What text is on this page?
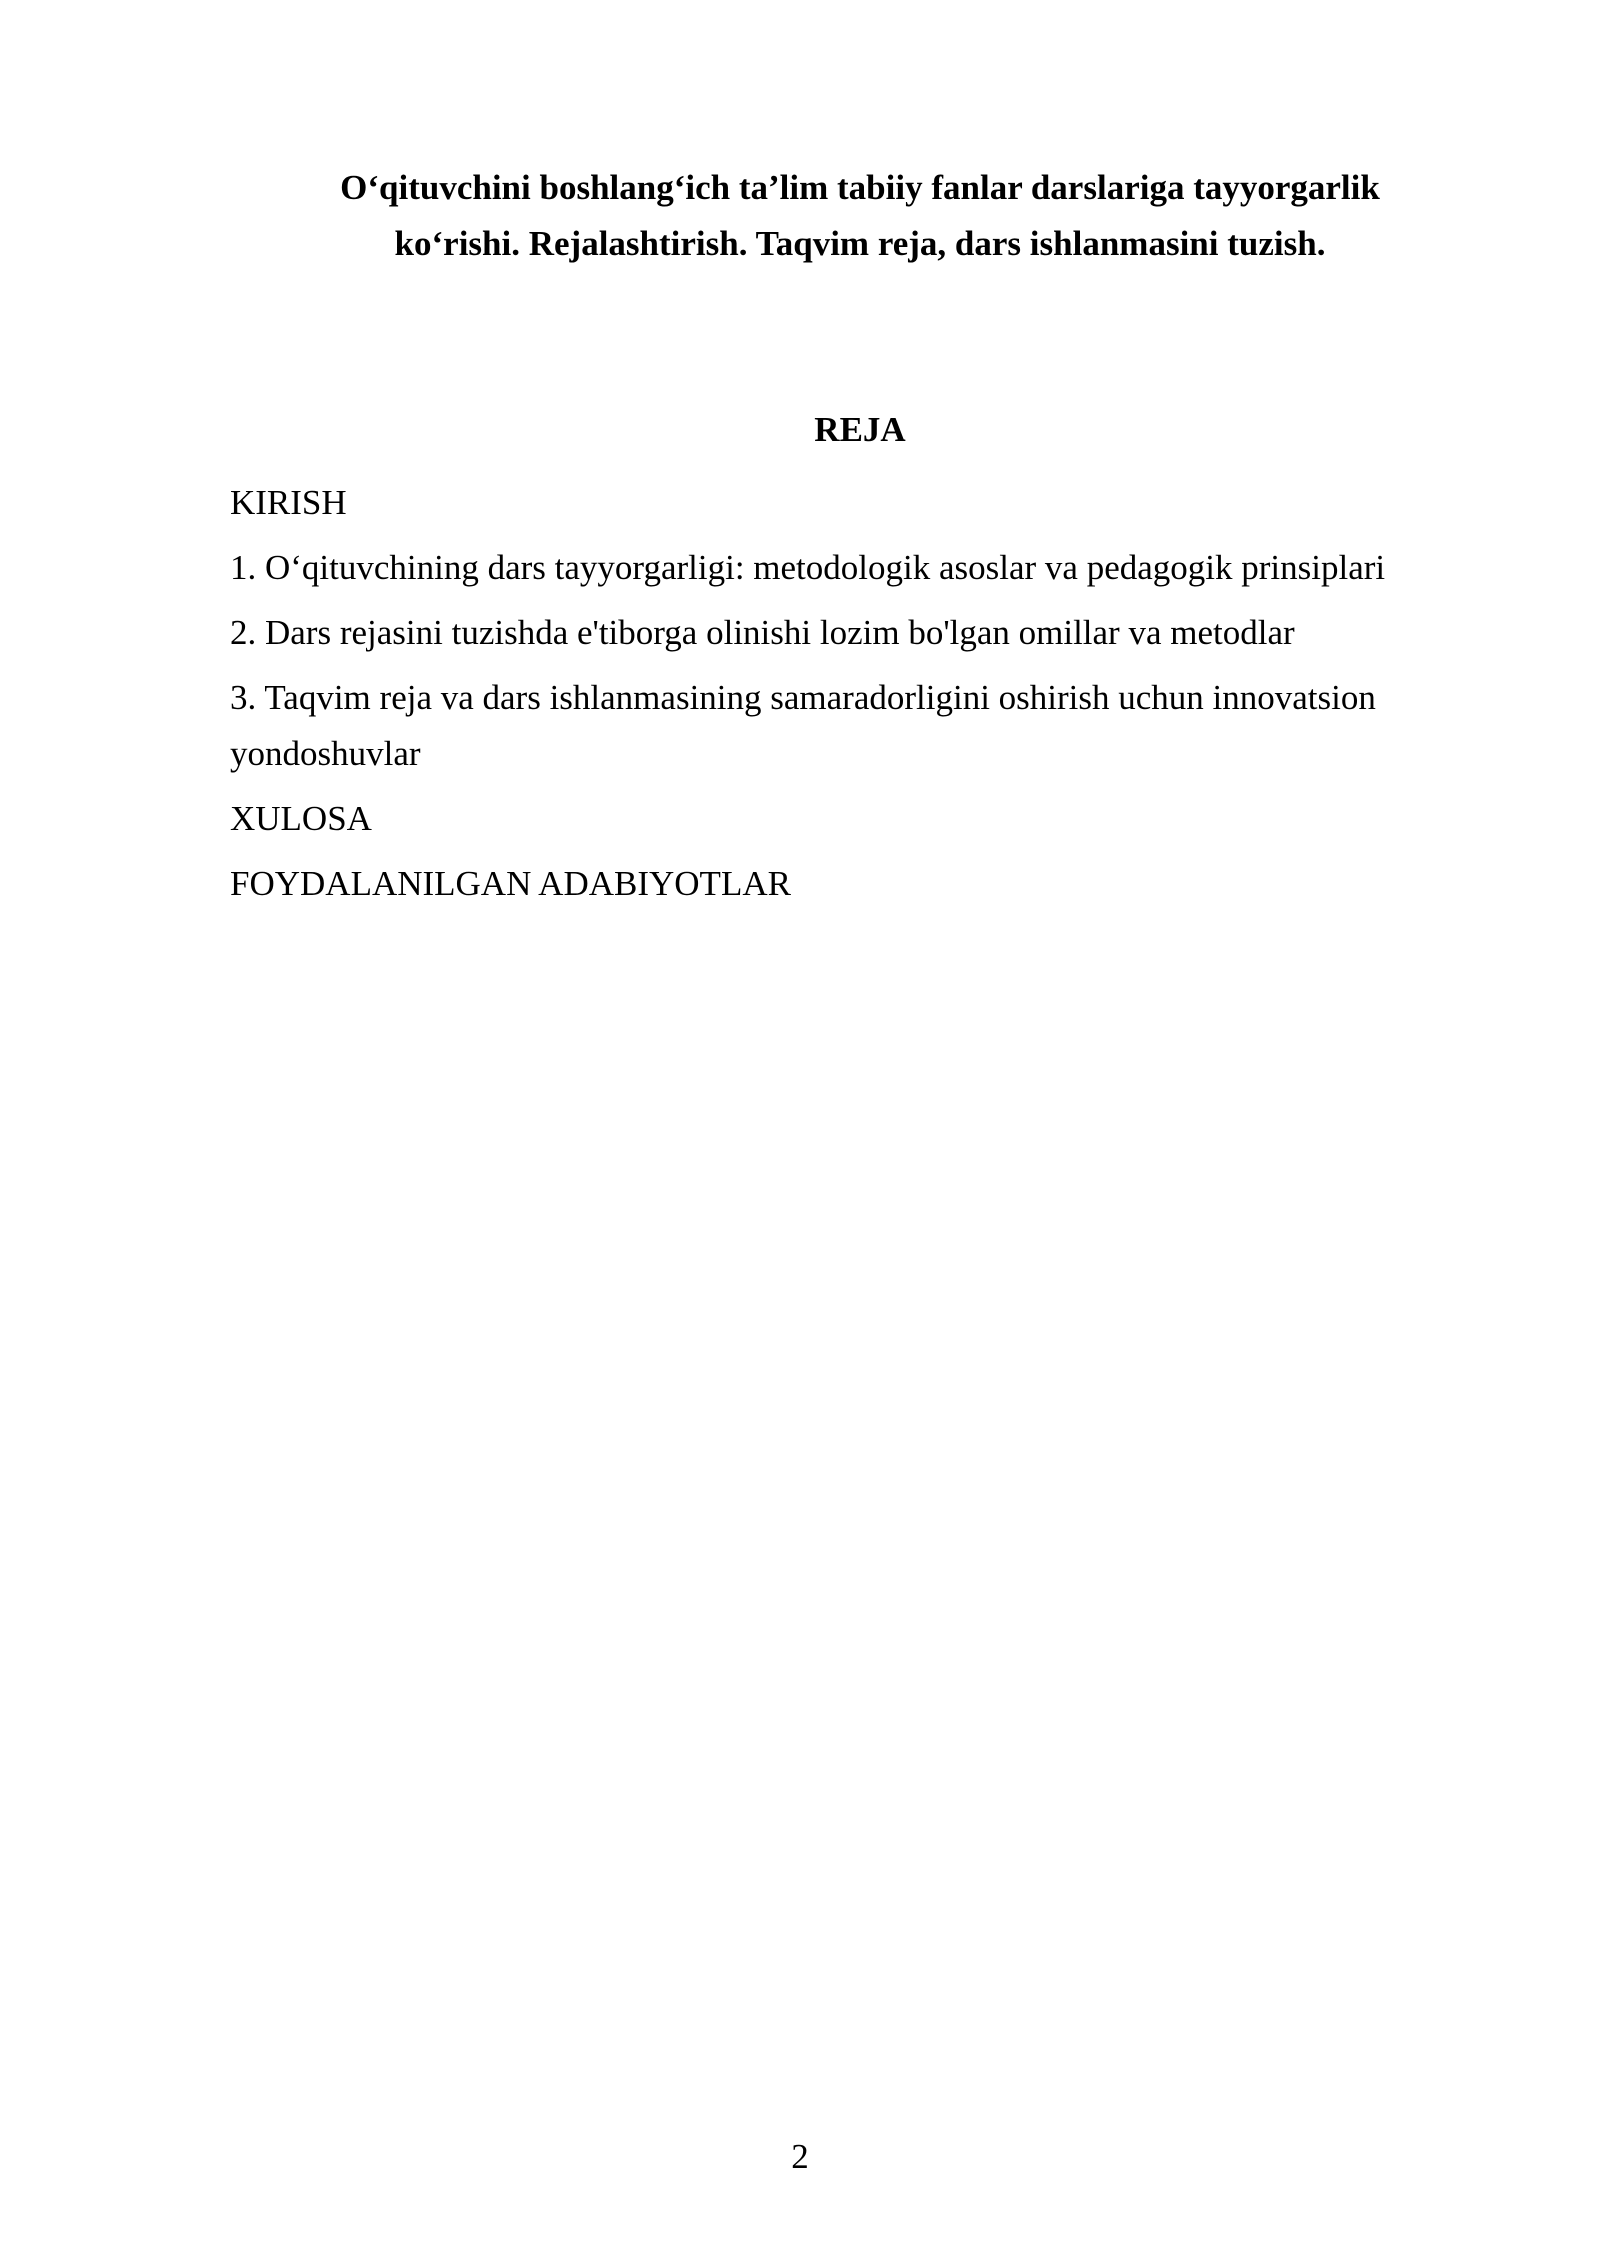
O‘qituvchini boshlang‘ich ta’lim tabiiy fanlar darslariga tayyorgarlik
ko‘rishi. Rejalashtirish. Taqvim reja, dars ishlanmasini tuzish.
REJA
KIRISH
1. O‘qituvchining dars tayyorgarligi: metodologik asoslar va pedagogik prinsiplari
2. Dars rejasini tuzishda e'tiborga olinishi lozim bo'lgan omillar va metodlar
3. Taqvim reja va dars ishlanmasining samaradorligini oshirish uchun innovatsion
yondoshuvlar
XULOSA
FOYDALANILGAN ADABIYOTLAR
2
